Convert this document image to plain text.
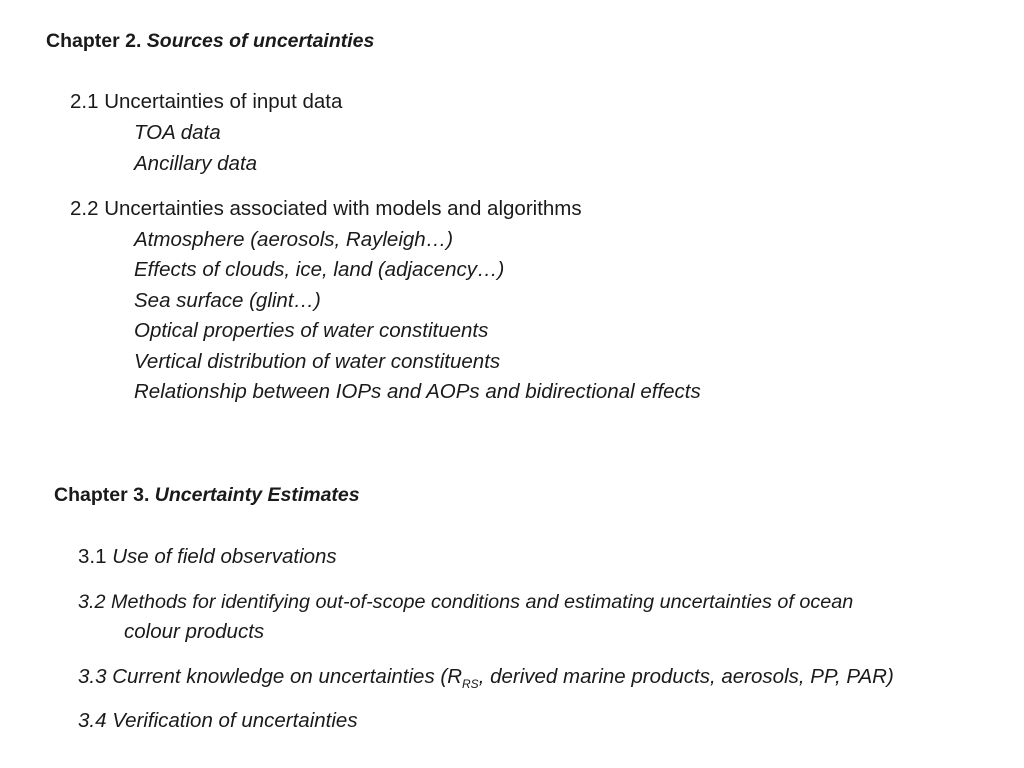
Chapter 2. Sources of uncertainties
2.1 Uncertainties of input data
TOA data
Ancillary data
2.2 Uncertainties associated with models and algorithms
Atmosphere (aerosols, Rayleigh…)
Effects of clouds, ice, land (adjacency…)
Sea surface (glint…)
Optical properties of water constituents
Vertical distribution of water constituents
Relationship between IOPs and AOPs and bidirectional effects
Chapter 3. Uncertainty Estimates
3.1 Use of field observations
3.2 Methods for identifying out-of-scope conditions and estimating uncertainties of ocean
colour products
3.3 Current knowledge on uncertainties ($R_{RS}$, derived marine products, aerosols, PP, PAR)
3.4 Verification of uncertainties
